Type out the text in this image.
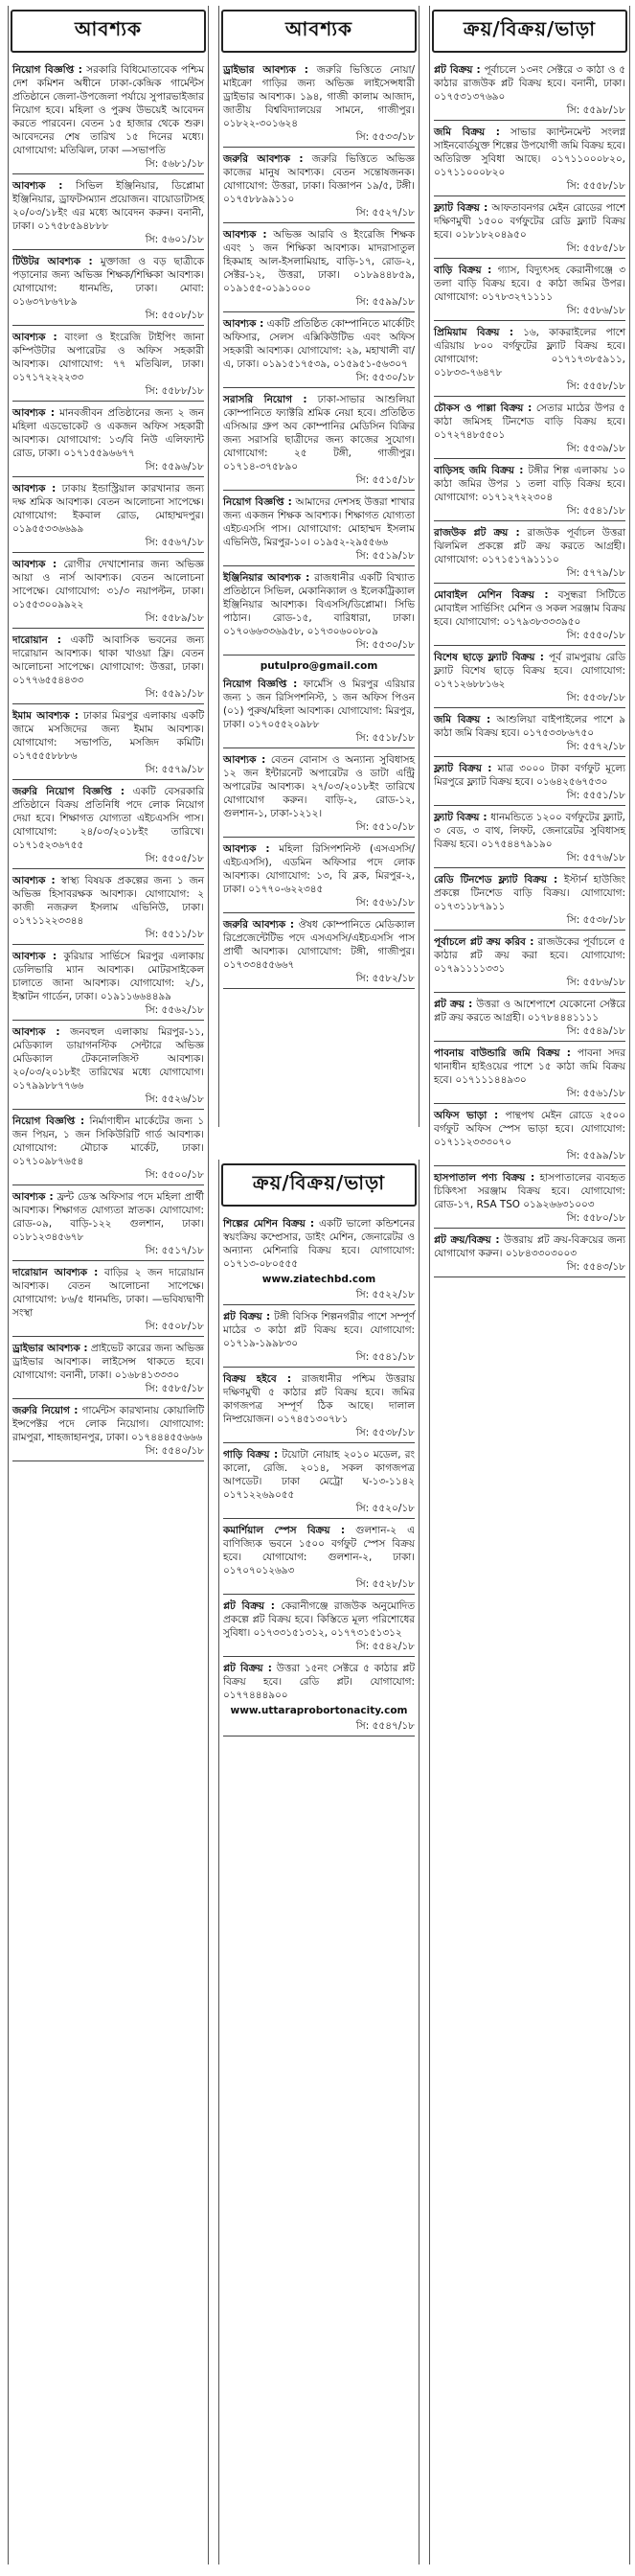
আবশ্যক

নিয়োগ বিজ্ঞপ্তি : সরকারি বিধিমোতাবেক পশ্চিম দেশ কমিশন অধীনে ঢাকা-কেন্দ্রিক গার্মেন্টস প্রতিষ্ঠানে জেলা-উপজেলা পর্যায়ে সুপারভাইজার নিয়োগ হবে। মহিলা ও পুরুষ উভয়েই আবেদন করতে পারবেন। বেতন ১৫ হাজার থেকে শুরু। আবেদনের শেষ তারিখ ১৫ দিনের মধ্যে। যোগাযোগ: মতিঝিল, ঢাকা —সভাপতি

সি: ৫৬৮১/১৮

আবশ্যক : সিভিল ইঞ্জিনিয়ার, ডিপ্লোমা ইঞ্জিনিয়ার, ড্রাফটসম্যান প্রয়োজন। বায়োডাটাসহ ২০/০৩/১৮ইং এর মধ্যে আবেদন করুন। বনানী, ঢাকা। ০১৭৫৮৫৯৪৮৮৮

সি: ৫৬০১/১৮

টিউটর আবশ্যক : মুক্তাজা ও বড় ছাত্রীকে পড়ানোর জন্য অভিজ্ঞ শিক্ষক/শিক্ষিকা আবশ্যক। যোগাযোগ: ধানমন্ডি, ঢাকা। মোবা: ০১৬৩৭৮৬৭৮৯

সি: ৫৫০৮/১৮

আবশ্যক : বাংলা ও ইংরেজি টাইপিং জানা কম্পিউটার অপারেটর ও অফিস সহকারী আবশ্যক। যোগাযোগ: ৭৭ মতিঝিল, ঢাকা। ০১৭১৭২২২২৩৩

সি: ৫৫৮৮/১৮

আবশ্যক : মানবজীবন প্রতিষ্ঠানের জন্য ২ জন মহিলা এডভোকেট ও একজন অফিস সহকারী আবশ্যক। যোগাযোগ: ১৩/বি নিউ এলিফ্যান্ট রোড, ঢাকা। ০১৭১৫৫৯৬৬৭৭

সি: ৫৫৯৬/১৮

আবশ্যক : ঢাকায় ইন্ডাস্ট্রিয়াল কারখানার জন্য দক্ষ শ্রমিক আবশ্যক। বেতন আলোচনা সাপেক্ষে। যোগাযোগ: ইকবাল রোড, মোহাম্মদপুর। ০১৯৫৫৩৩৬৬৯৯

সি: ৫৫৬৭/১৮

আবশ্যক : রোগীর দেখাশোনার জন্য অভিজ্ঞ আয়া ও নার্স আবশ্যক। বেতন আলোচনা সাপেক্ষে। যোগাযোগ: ৩১/৩ নয়াপল্টন, ঢাকা। ০১৫৫৩০০৯৯২২

সি: ৫৫৮৯/১৮

দারোয়ান : একটি আবাসিক ভবনের জন্য দারোয়ান আবশ্যক। থাকা খাওয়া ফ্রি। বেতন আলোচনা সাপেক্ষে। যোগাযোগ: উত্তরা, ঢাকা। ০১৭৭৬৫৫৪৪৩৩

সি: ৫৫৯১/১৮

ইমাম আবশ্যক : ঢাকার মিরপুর এলাকায় একটি জামে মসজিদের জন্য ইমাম আবশ্যক। যোগাযোগ: সভাপতি, মসজিদ কমিটি। ০১৭৫৫৫৮৮৮৬

সি: ৫৫৭৯/১৮

জরুরি নিয়োগ বিজ্ঞপ্তি : একটি বেসরকারি প্রতিষ্ঠানে বিক্রয় প্রতিনিধি পদে লোক নিয়োগ দেয়া হবে। শিক্ষাগত যোগ্যতা এইচএসসি পাস। যোগাযোগ: ২৪/০৩/২০১৮ইং তারিখে। ০১৭১৫২৩৬৭৫৫

সি: ৫৫০৫/১৮

আবশ্যক : স্বাস্থ্য বিষয়ক প্রকল্পের জন্য ১ জন অভিজ্ঞ হিসাবরক্ষক আবশ্যক। যোগাযোগ: ২ কাজী নজরুল ইসলাম এভিনিউ, ঢাকা। ০১৭১১২২৩৩৪৪

সি: ৫৫১১/১৮

আবশ্যক : কুরিয়ার সার্ভিসে মিরপুর এলাকায় ডেলিভারি ম্যান আবশ্যক। মোটরসাইকেল চালাতে জানা আবশ্যক। যোগাযোগ: ২/১, ইস্কাটন গার্ডেন, ঢাকা। ০১৯১১৬৬৪৪৯৯

সি: ৫৫৬২/১৮

আবশ্যক : জনবহুল এলাকায় মিরপুর-১১, মেডিক্যাল ডায়াগনস্টিক সেন্টারে অভিজ্ঞ মেডিক্যাল টেকনোলজিস্ট আবশ্যক। ২০/০৩/২০১৮ইং তারিখের মধ্যে যোগাযোগ। ০১৭৯৯৮৮৭৭৬৬

সি: ৫৫২৬/১৮

নিয়োগ বিজ্ঞপ্তি : নির্মাণাধীন মার্কেটের জন্য ১ জন পিয়ন, ১ জন সিকিউরিটি গার্ড আবশ্যক। যোগাযোগ: মৌচাক মার্কেট, ঢাকা। ০১৭১০৯৮৭৬৫৪

সি: ৫৫০০/১৮

আবশ্যক : ফ্রন্ট ডেস্ক অফিসার পদে মহিলা প্রার্থী আবশ্যক। শিক্ষাগত যোগ্যতা স্নাতক। যোগাযোগ: রোড-০৯, বাড়ি-১২২ গুলশান, ঢাকা। ০১৮১২৩৪৫৬৭৮

সি: ৫৫১৭/১৮

দারোয়ান আবশ্যক : বাড়ির ২ জন দারোয়ান আবশ্যক। বেতন আলোচনা সাপেক্ষে। যোগাযোগ: ৮৬/৫ ধানমন্ডি, ঢাকা। —ভবিষ্যদ্বাণী সংস্থা

সি: ৫৫০৮/১৮

ড্রাইভার আবশ্যক : প্রাইভেট কারের জন্য অভিজ্ঞ ড্রাইভার আবশ্যক। লাইসেন্স থাকতে হবে। যোগাযোগ: বনানী, ঢাকা। ০১৬৮৪১৩৩৩০

সি: ৫৫৮৫/১৮

জরুরি নিয়োগ : গার্মেন্টস কারখানায় কোয়ালিটি ইন্সপেক্টর পদে লোক নিয়োগ। যোগাযোগ: রামপুরা, শাহজাহানপুর, ঢাকা। ০১৭৪৪৪৫৫৬৬৬

সি: ৫৫৪০/১৮
আবশ্যক

ড্রাইভার আবশ্যক : জরুরি ভিত্তিতে নোয়া/মাইক্রো গাড়ির জন্য অভিজ্ঞ লাইসেন্সধারী ড্রাইভার আবশ্যক। ১৯৪, গাজী কালাম আজাদ, জাতীয় বিশ্ববিদ্যালয়ের সামনে, গাজীপুর। ০১৮২২-৩০১৬২৪

সি: ৫৫৩৩/১৮

জরুরি আবশ্যক : জরুরি ভিত্তিতে অভিজ্ঞ কাজের মানুষ আবশ্যক। বেতন সন্তোষজনক। যোগাযোগ: উত্তরা, ঢাকা। বিজ্ঞাপন ১৯/৫, টঙ্গী। ০১৭৫৮৮৯৯১১০

সি: ৫৫২৭/১৮

আবশ্যক : অভিজ্ঞ আরবি ও ইংরেজি শিক্ষক এবং ১ জন শিক্ষিকা আবশ্যক। মাদরাসাতুল হিকমাহ আল-ইসলামিয়াহ, বাড়ি-১৭, রোড-২, সেক্টর-১২, উত্তরা, ঢাকা। ০১৮৯৪৪৮৫৯, ০১৯১৫৫-০১৯১০০০

সি: ৫৫৯৯/১৮

আবশ্যক : একটি প্রতিষ্ঠিত কোম্পানিতে মার্কেটিং অফিসার, সেলস এক্সিকিউটিভ এবং অফিস সহকারী আবশ্যক। যোগাযোগ: ২৯, মহাখালী বা/এ, ঢাকা। ০১৯১৫১৭৫৩৯, ০১৫৯৫১-৫৬৩০৭

সি: ৫৫৩০/১৮

সরাসরি নিয়োগ : ঢাকা-সাভার আশুলিয়া কোম্পানিতে ফ্যাক্টরি শ্রমিক নেয়া হবে। প্রতিষ্ঠিত এসিআর গ্রুপ অব কোম্পানির মেডিসিন বিক্রির জন্য সরাসরি ছাত্রীদের জন্য কাজের সুযোগ। যোগাযোগ: ২৫ টঙ্গী, গাজীপুর। ০১৭১৪-৩৭৫৮৯০

সি: ৫৫১৫/১৮

নিয়োগ বিজ্ঞপ্তি : আমাদের দেশসহ উত্তরা শাখার জন্য একজন শিক্ষক আবশ্যক। শিক্ষাগত যোগ্যতা এইচএসসি পাস। যোগাযোগ: মোহাম্মদ ইসলাম এভিনিউ, মিরপুর-১০। ০১৯৫২-২৯৫৫৬৬

সি: ৫৫১৯/১৮

ইঞ্জিনিয়ার আবশ্যক : রাজধানীর একটি বিখ্যাত প্রতিষ্ঠানে সিভিল, মেকানিক্যাল ও ইলেকট্রিক্যাল ইঞ্জিনিয়ার আবশ্যক। বিএসসি/ডিপ্লোমা। সিভি পাঠান। রোড-১৫, বারিধারা, ঢাকা। ০১৭০৬৬৩৩৬৯৫৮, ০১৭৩০৬০০৮০৯

সি: ৫৫৩০/১৮
putulpro@gmail.com

নিয়োগ বিজ্ঞপ্তি : ফার্মেসি ও মিরপুর এরিয়ার জন্য ১ জন রিসিপশনিস্ট, ১ জন অফিস পিওন (০১) পুরুষ/মহিলা আবশ্যক। যোগাযোগ: মিরপুর, ঢাকা। ০১৭০৫৫২০৯৮৮

সি: ৫৫১৮/১৮

আবশ্যক : বেতন বোনাস ও অন্যান্য সুবিধাসহ ১২ জন ইন্টারনেট অপারেটর ও ডাটা এন্ট্রি অপারেটর আবশ্যক। ২৭/০৩/২০১৮ইং তারিখে যোগাযোগ করুন। বাড়ি-২, রোড-১২, গুলশান-১, ঢাকা-১২১২।

সি: ৫৫১০/১৮

আবশ্যক : মহিলা রিসিপশনিস্ট (এসএসসি/এইচএসসি), এডমিন অফিসার পদে লোক আবশ্যক। যোগাযোগ: ১৩, বি ব্লক, মিরপুর-২, ঢাকা। ০১৭৭০-৬২২৩৪৫

সি: ৫৫৬১/১৮

জরুরি আবশ্যক : ঔষধ কোম্পানিতে মেডিক্যাল রিপ্রেজেন্টেটিভ পদে এসএসসি/এইচএসসি পাস প্রার্থী আবশ্যক। যোগাযোগ: টঙ্গী, গাজীপুর। ০১৭৩৩৪৫৫৬৬৭

সি: ৫৫৮২/১৮
ক্রয়/বিক্রয়/ভাড়া

শিল্পের মেশিন বিক্রয় : একটি ভালো কন্ডিশনের স্বয়ংক্রিয় কম্প্রেসার, ডাইং মেশিন, জেনারেটর ও অন্যান্য মেশিনারি বিক্রয় হবে। যোগাযোগ: ০১৭১৩-০৮০৫৫৫

www.ziatechbd.com
সি: ৫৫২২/১৮

প্লট বিক্রয় : টঙ্গী বিসিক শিল্পনগরীর পাশে সম্পূর্ণ মাঠের ৩ কাঠা প্লট বিক্রয় হবে। যোগাযোগ: ০১৭১৯-১৯৯৮৩০

সি: ৫৫৪১/১৮

বিক্রয় হইবে : রাজধানীর পশ্চিম উত্তরায় দক্ষিণমুখী ৫ কাঠার প্লট বিক্রয় হবে। জমির কাগজপত্র সম্পূর্ণ ঠিক আছে। দালাল নিষ্প্রয়োজন। ০১৭৪৫১৩০৭৮১

সি: ৫৫৩৮/১৮

গাড়ি বিক্রয় : টয়োটা নোয়াহ ২০১০ মডেল, রং কালো, রেজি. ২০১৪, সকল কাগজপত্র আপডেট। ঢাকা মেট্রো ঘ-১৩-১১৪২ ০১৭১২২৬৯০৫৫

সি: ৫৫২০/১৮

কমার্শিয়াল স্পেস বিক্রয় : গুলশান-২ এ বাণিজ্যিক ভবনে ১৫০০ বর্গফুট স্পেস বিক্রয় হবে। যোগাযোগ: গুলশান-২, ঢাকা। ০১৭০৭০১২৬৯৩

সি: ৫৫২৮/১৮

প্লট বিক্রয় : কেরানীগঞ্জে রাজউক অনুমোদিত প্রকল্পে প্লট বিক্রয় হবে। কিস্তিতে মূল্য পরিশোধের সুবিধা। ০১৭৩৩১৫১৩১২, ০১৭৭৩১৫১৩১২

সি: ৫৫৪২/১৮

প্লট বিক্রয় : উত্তরা ১৫নং সেক্টরে ৫ কাঠার প্লট বিক্রয় হবে। রেডি প্লট। যোগাযোগ: ০১৭৭৪৪৪৯০০

www.uttaraprobortonacity.com
সি: ৫৫৪৭/১৮
ক্রয়/বিক্রয়/ভাড়া

প্লট বিক্রয় : পূর্বাচলে ১৩নং সেক্টরে ৩ কাঠা ও ৫ কাঠার রাজউক প্লট বিক্রয় হবে। বনানী, ঢাকা। ০১৭৫৩১৩৭৬৯০

সি: ৫৫৯৮/১৮

জমি বিক্রয় : সাভার ক্যান্টনমেন্ট সংলগ্ন সাইনবোর্ডযুক্ত শিল্পের উপযোগী জমি বিক্রয় হবে। অতিরিক্ত সুবিধা আছে। ০১৭১১০০০৮২০, ০১৭১১০০০৮২০

সি: ৫৫৫৮/১৮

ফ্ল্যাট বিক্রয় : আফতাবনগর মেইন রোডের পাশে দক্ষিণমুখী ১৫০০ বর্গফুটের রেডি ফ্ল্যাট বিক্রয় হবে। ০১৮১৮২০৪৯৫০

সি: ৫৫৮৫/১৮

বাড়ি বিক্রয় : গ্যাস, বিদ্যুৎসহ কেরানীগঞ্জে ৩ তলা বাড়ি বিক্রয় হবে। ৫ কাঠা জমির উপর। যোগাযোগ: ০১৭৮৩২৭১১১১

সি: ৫৫৮৬/১৮

প্রিমিয়াম বিক্রয় : ১৬, কাকরাইলের পাশে এরিয়ায় ৮০০ বর্গফুটের ফ্ল্যাট বিক্রয় হবে। যোগাযোগ: ০১৭১৭৩৮৫৯১১, ০১৮৩৩-৭৬৪৭৮

সি: ৫৫৫৮/১৮

চৌকস ও পাল্লা বিক্রয় : সেতার মাঠের উপর ৫ কাঠা জমিসহ টিনশেড বাড়ি বিক্রয় হবে। ০১৭২৭৪৮৫৫০১

সি: ৫৫৩৯/১৮

বাড়িসহ জমি বিক্রয় : টঙ্গীর শিল্প এলাকায় ১০ কাঠা জমির উপর ১ তলা বাড়ি বিক্রয় হবে। যোগাযোগ: ০১৭১২৭২২৩০৪

সি: ৫৫৪১/১৮

রাজউক প্লট ক্রয় : রাজউক পূর্বাচল উত্তরা ঝিলমিল প্রকল্পে প্লট ক্রয় করতে আগ্রহী। যোগাযোগ: ০১৭১৫১৭৯১১১০

সি: ৫৭৭৯/১৮

মোবাইল মেশিন বিক্রয় : বসুন্ধরা সিটিতে মোবাইল সার্ভিসিং মেশিন ও সকল সরঞ্জাম বিক্রয় হবে। যোগাযোগ: ০১৭৯৩৮৩৩৩৯৫০

সি: ৫৫৫০/১৮

বিশেষ ছাড়ে ফ্ল্যাট বিক্রয় : পূর্ব রামপুরায় রেডি ফ্ল্যাট বিশেষ ছাড়ে বিক্রয় হবে। যোগাযোগ: ০১৭১২৬৮৮১৬২

সি: ৫৫৩৮/১৮

জমি বিক্রয় : আশুলিয়া বাইপাইলের পাশে ৯ কাঠা জমি বিক্রয় হবে। ০১৭৫৩৩৮৬৭৫০

সি: ৫৫৭২/১৮

ফ্ল্যাট বিক্রয় : মাত্র ৩০০০ টাকা বর্গফুট মূল্যে মিরপুরে ফ্ল্যাট বিক্রয় হবে। ০১৬৪২৫৬৭৫৩০

সি: ৫৫৫১/১৮

ফ্ল্যাট বিক্রয় : ধানমন্ডিতে ১২০০ বর্গফুটের ফ্ল্যাট, ৩ বেড, ৩ বাথ, লিফট, জেনারেটর সুবিধাসহ বিক্রয় হবে। ০১৭৫৪৪৭৯১৯০

সি: ৫৫৭৬/১৮

রেডি টিনশেড ফ্ল্যাট বিক্রয় : ইস্টার্ন হাউজিং প্রকল্পে টিনশেড বাড়ি বিক্রয়। যোগাযোগ: ০১৭৩১১৮৭৯১১

সি: ৫৫৩৮/১৮

পূর্বাচলে প্লট ক্রয় করিব : রাজউকের পূর্বাচলে ৫ কাঠার প্লট ক্রয় করা হবে। যোগাযোগ: ০১৭৯১১১১৩৩১

সি: ৫৫৮৬/১৮

প্লট ক্রয় : উত্তরা ও আশেপাশে যেকোনো সেক্টরে প্লট ক্রয় করতে আগ্রহী। ০১৭৮৪৪৪১১১১

সি: ৫৫৪৯/১৮

পাবনায় বাউন্ডারি জমি বিক্রয় : পাবনা সদর থানাধীন হাইওয়ের পাশে ১৫ কাঠা জমি বিক্রয় হবে। ০১৭১১১৪৪৯৩০

সি: ৫৫৬১/১৮

অফিস ভাড়া : পান্থপথ মেইন রোডে ২৫০০ বর্গফুট অফিস স্পেস ভাড়া হবে। যোগাযোগ: ০১৭১১২৩৩৩০৭০

সি: ৫৫৯৯/১৮

হাসপাতাল পণ্য বিক্রয় : হাসপাতালের ব্যবহৃত চিকিৎসা সরঞ্জাম বিক্রয় হবে। যোগাযোগ: রোড-১৭, RSA TSO ০১৯২৬৬৩১০০৩

সি: ৫৫৮০/১৮

প্লট ক্রয়/বিক্রয় : উত্তরায় প্লট ক্রয়-বিক্রয়ের জন্য যোগাযোগ করুন। ০১৮৪৩৩০৩০০৩

সি: ৫৫৪৩/১৮
